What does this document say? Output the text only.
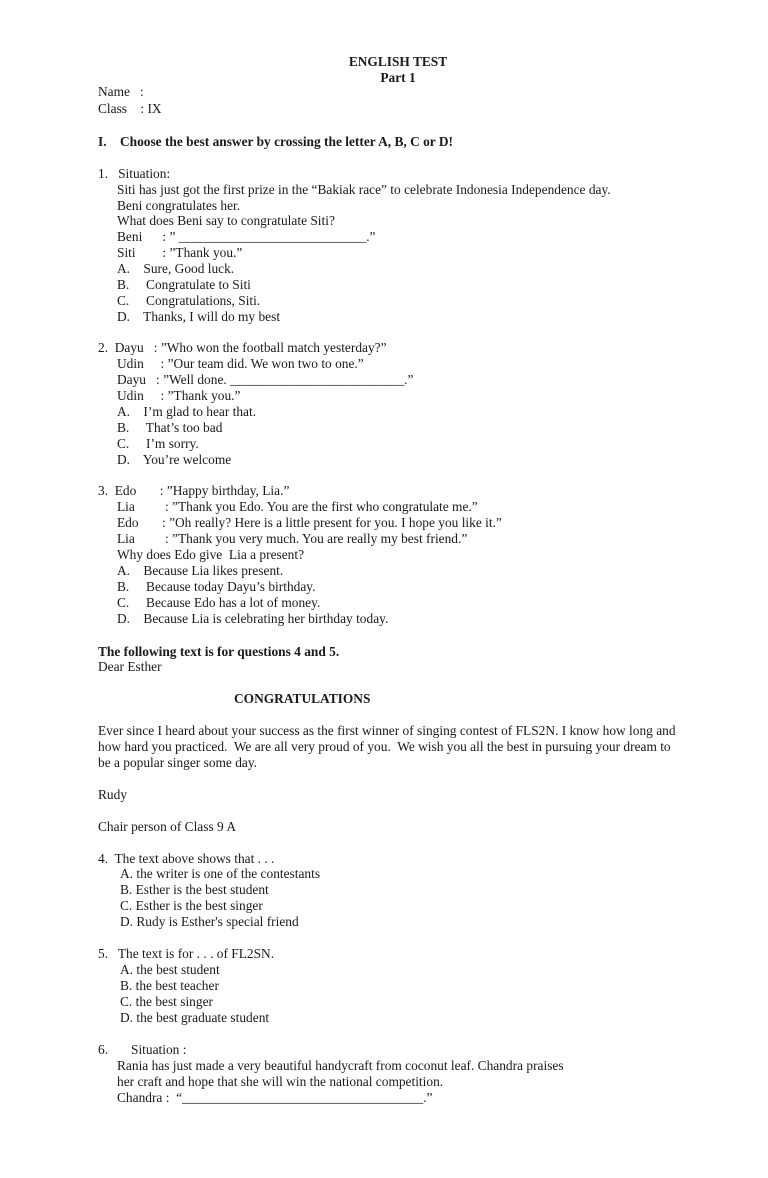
ENGLISH TEST
Part 1
Name   :
Class    : IX
I.    Choose the best answer by crossing the letter A, B, C or D!
1.   Situation:
Siti has just got the first prize in the “Bakiak race” to celebrate Indonesia Independence day.
Beni congratulates her.
What does Beni say to congratulate Siti?
Beni      : ” ____________________________.”
Siti        : ”Thank you.”
A.    Sure, Good luck.
B.     Congratulate to Siti
C.     Congratulations, Siti.
D.    Thanks, I will do my best
2.  Dayu   : ”Who won the football match yesterday?”
Udin     : ”Our team did. We won two to one.”
Dayu   : ”Well done. __________________________.”
Udin     : ”Thank you.”
A.    I’m glad to hear that.
B.     That’s too bad
C.     I’m sorry.
D.    You’re welcome
3.  Edo       : ”Happy birthday, Lia.”
Lia         : ”Thank you Edo. You are the first who congratulate me.”
Edo       : ”Oh really? Here is a little present for you. I hope you like it.”
Lia         : ”Thank you very much. You are really my best friend.”
Why does Edo give  Lia a present?
A.    Because Lia likes present.
B.     Because today Dayu’s birthday.
C.     Because Edo has a lot of money.
D.    Because Lia is celebrating her birthday today.
The following text is for questions 4 and 5.
Dear Esther
CONGRATULATIONS
Ever since I heard about your success as the first winner of singing contest of FLS2N. I know how long and
how hard you practiced.  We are all very proud of you.  We wish you all the best in pursuing your dream to
be a popular singer some day.
Rudy
Chair person of Class 9 A
4.  The text above shows that . . .
A. the writer is one of the contestants
B. Esther is the best student
C. Esther is the best singer
D. Rudy is Esther's special friend
5.   The text is for . . . of FL2SN.
A. the best student
B. the best teacher
C. the best singer
D. the best graduate student
6. Situation :
Rania has just made a very beautiful handycraft from coconut leaf. Chandra praises
her craft and hope that she will win the national competition.
Chandra :  “____________________________________.”
